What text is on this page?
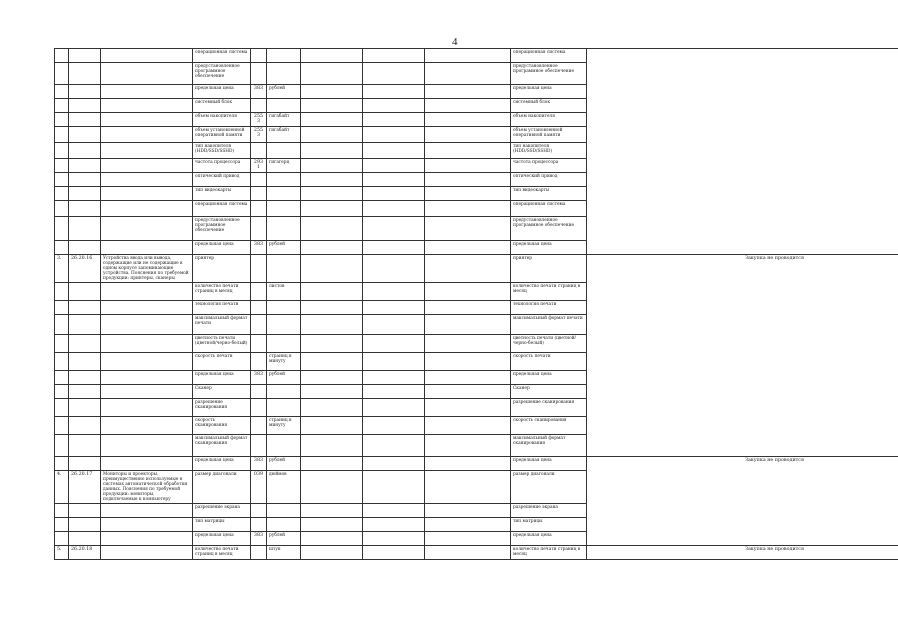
4
			операционная система						операционная система	
			предустановленное программное обеспечение						предустановленное программное обеспечение	
			предельная цена	383	рублей				предельная цена	
			системный блок						системный блок	
			объем накопителя	2553	гигабайт				объем накопителя	
			объем установленной оперативной памяти	2553	гигабайт				объем установленной оперативной памяти	
			тип накопителя (HDD/SSD/SSHD)						тип накопителя (HDD/SSD/SSHD)	
			частота процессора	2931	гигагерц				частота процессора	
			оптический привод						оптический привод	
			тип видеокарты						тип видеокарты	
			операционная система						операционная система	
			предустановленное программное обеспечение						предустановленное программное обеспечение	
			предельная цена	383	рублей				предельная цена	
3.	26.20.16	Устройства ввода или вывода, содержащие или не содержащие в одном корпусе запоминающие устройства. Пояснения по требуемой продукции: принтеры, сканеры	принтер						принтер	Закупка не проводится
			количество печати страниц в месяц		листов				количество печати страниц в месяц	
			технология печати						технология печати	
			максимальный формат печати						максимальный формат печати	
			цветность печати (цветной/черно-белый)						цветность печати (цветной/черно-белый)	
			скорость печати		страниц в минуту				скорость печати	
			предельная цена	383	рублей				предельная цена	
			Сканер						Сканер	
			разрешение сканирования						разрешение сканирования	
			скорость сканирования		страниц в минуту				скорость сканирования	
			максимальный формат сканирования						максимальный формат сканирования	
			предельная цена	383	рублей				предельная цена	Закупка не проводится
4.	26.20.17	Мониторы и проекторы, преимущественно используемые в системах автоматической обработки данных. Пояснения по требуемой продукции: мониторы, подключаемые к компьютеру	размер диагонали	039	дюймов				размер диагонали	
			разрешение экрана						разрешение экрана	
			тип матрицы						тип матрицы	
			предельная цена	383	рублей				предельная цена	
5.	26.20.18		количество печати страниц в месяц		штук				количество печати страниц в месяц	Закупка не проводится
